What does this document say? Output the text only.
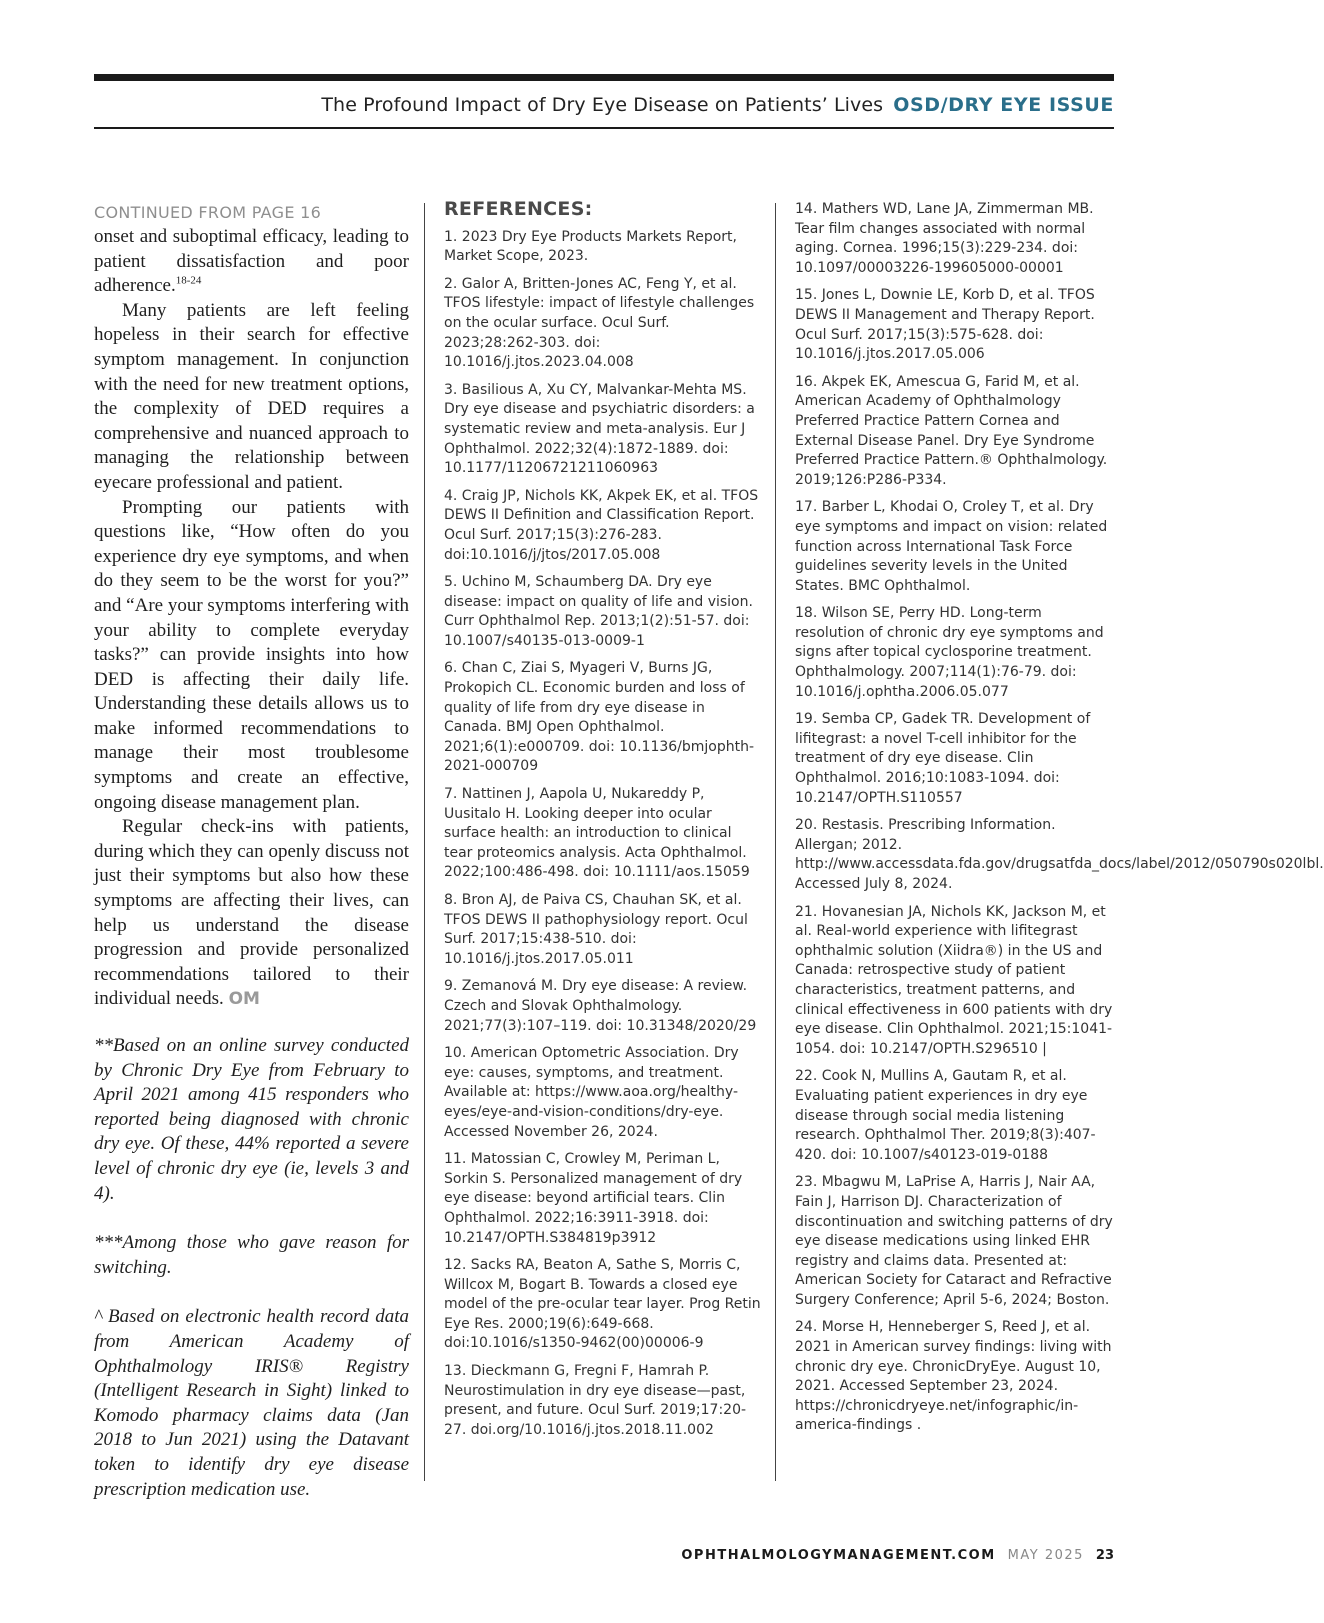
The Profound Impact of Dry Eye Disease on Patients’ Lives OSD/DRY EYE ISSUE
CONTINUED FROM PAGE 16

onset and suboptimal efficacy, leading to patient dissatisfaction and poor adherence.$^{18-24}$

Many patients are left feeling hopeless in their search for effective symptom management. In conjunction with the need for new treatment options, the complexity of DED requires a comprehensive and nuanced approach to managing the relationship between eyecare professional and patient.

Prompting our patients with questions like, “How often do you experience dry eye symptoms, and when do they seem to be the worst for you?” and “Are your symptoms interfering with your ability to complete everyday tasks?” can provide insights into how DED is affecting their daily life. Understanding these details allows us to make informed recommendations to manage their most troublesome symptoms and create an effective, ongoing disease management plan.

Regular check-ins with patients, during which they can openly discuss not just their symptoms but also how these symptoms are affecting their lives, can help us understand the disease progression and provide personalized recommendations tailored to their individual needs. OM

**Based on an online survey conducted by Chronic Dry Eye from February to April 2021 among 415 responders who reported being diagnosed with chronic dry eye. Of these, 44% reported a severe level of chronic dry eye (ie, levels 3 and 4).

***Among those who gave reason for switching.

^ Based on electronic health record data from American Academy of Ophthalmology IRIS® Registry (Intelligent Research in Sight) linked to Komodo pharmacy claims data (Jan 2018 to Jun 2021) using the Datavant token to identify dry eye disease prescription medication use.

REFERENCES:
1. 2023 Dry Eye Products Markets Report, Market Scope, 2023.
2. Galor A, Britten-Jones AC, Feng Y, et al. TFOS lifestyle: impact of lifestyle challenges on the ocular surface. Ocul Surf. 2023;28:262-303. doi: 10.1016/j.jtos.2023.04.008
3. Basilious A, Xu CY, Malvankar-Mehta MS. Dry eye disease and psychiatric disorders: a systematic review and meta-analysis. Eur J Ophthalmol. 2022;32(4):1872-1889. doi: 10.1177/11206721211060963
4. Craig JP, Nichols KK, Akpek EK, et al. TFOS DEWS II Definition and Classification Report. Ocul Surf. 2017;15(3):276-283. doi:10.1016/j/jtos/2017.05.008
5. Uchino M, Schaumberg DA. Dry eye disease: impact on quality of life and vision. Curr Ophthalmol Rep. 2013;1(2):51-57. doi: 10.1007/s40135-013-0009-1
6. Chan C, Ziai S, Myageri V, Burns JG, Prokopich CL. Economic burden and loss of quality of life from dry eye disease in Canada. BMJ Open Ophthalmol. 2021;6(1):e000709. doi: 10.1136/bmjophth-2021-000709
7. Nattinen J, Aapola U, Nukareddy P, Uusitalo H. Looking deeper into ocular surface health: an introduction to clinical tear proteomics analysis. Acta Ophthalmol. 2022;100:486-498. doi: 10.1111/aos.15059
8. Bron AJ, de Paiva CS, Chauhan SK, et al. TFOS DEWS II pathophysiology report. Ocul Surf. 2017;15:438-510. doi: 10.1016/j.jtos.2017.05.011
9. Zemanová M. Dry eye disease: A review. Czech and Slovak Ophthalmology. 2021;77(3):107–119. doi: 10.31348/2020/29
10. American Optometric Association. Dry eye: causes, symptoms, and treatment. Available at: https://www.aoa.org/healthy-eyes/eye-and-vision-conditions/dry-eye. Accessed November 26, 2024.
11. Matossian C, Crowley M, Periman L, Sorkin S. Personalized management of dry eye disease: beyond artificial tears. Clin Ophthalmol. 2022;16:3911-3918. doi: 10.2147/OPTH.S384819p3912
12. Sacks RA, Beaton A, Sathe S, Morris C, Willcox M, Bogart B. Towards a closed eye model of the pre-ocular tear layer. Prog Retin Eye Res. 2000;19(6):649-668. doi:10.1016/s1350-9462(00)00006-9
13. Dieckmann G, Fregni F, Hamrah P. Neurostimulation in dry eye disease—past, present, and future. Ocul Surf. 2019;17:20-27. doi.org/10.1016/j.jtos.2018.11.002
14. Mathers WD, Lane JA, Zimmerman MB. Tear film changes associated with normal aging. Cornea. 1996;15(3):229-234. doi: 10.1097/00003226-199605000-00001
15. Jones L, Downie LE, Korb D, et al. TFOS DEWS II Management and Therapy Report. Ocul Surf. 2017;15(3):575-628. doi: 10.1016/j.jtos.2017.05.006
16. Akpek EK, Amescua G, Farid M, et al. American Academy of Ophthalmology Preferred Practice Pattern Cornea and External Disease Panel. Dry Eye Syndrome Preferred Practice Pattern.® Ophthalmology. 2019;126:P286-P334.
17. Barber L, Khodai O, Croley T, et al. Dry eye symptoms and impact on vision: related function across International Task Force guidelines severity levels in the United States. BMC Ophthalmol.
18. Wilson SE, Perry HD. Long-term resolution of chronic dry eye symptoms and signs after topical cyclosporine treatment. Ophthalmology. 2007;114(1):76-79. doi: 10.1016/j.ophtha.2006.05.077
19. Semba CP, Gadek TR. Development of lifitegrast: a novel T-cell inhibitor for the treatment of dry eye disease. Clin Ophthalmol. 2016;10:1083-1094. doi: 10.2147/OPTH.S110557
20. Restasis. Prescribing Information. Allergan; 2012. http://www.accessdata.fda.gov/drugsatfda_docs/label/2012/050790s020lbl. Accessed July 8, 2024.
21. Hovanesian JA, Nichols KK, Jackson M, et al. Real-world experience with lifitegrast ophthalmic solution (Xiidra®) in the US and Canada: retrospective study of patient characteristics, treatment patterns, and clinical effectiveness in 600 patients with dry eye disease. Clin Ophthalmol. 2021;15:1041-1054. doi: 10.2147/OPTH.S296510 |
22. Cook N, Mullins A, Gautam R, et al. Evaluating patient experiences in dry eye disease through social media listening research. Ophthalmol Ther. 2019;8(3):407-420. doi: 10.1007/s40123-019-0188
23. Mbagwu M, LaPrise A, Harris J, Nair AA, Fain J, Harrison DJ. Characterization of discontinuation and switching patterns of dry eye disease medications using linked EHR registry and claims data. Presented at: American Society for Cataract and Refractive Surgery Conference; April 5-6, 2024; Boston.
24. Morse H, Henneberger S, Reed J, et al. 2021 in American survey findings: living with chronic dry eye. ChronicDryEye. August 10, 2021. Accessed September 23, 2024. https://chronicdryeye.net/infographic/in-america-findings .
OPHTHALMOLOGYMANAGEMENT.COM MAY 2025 23
